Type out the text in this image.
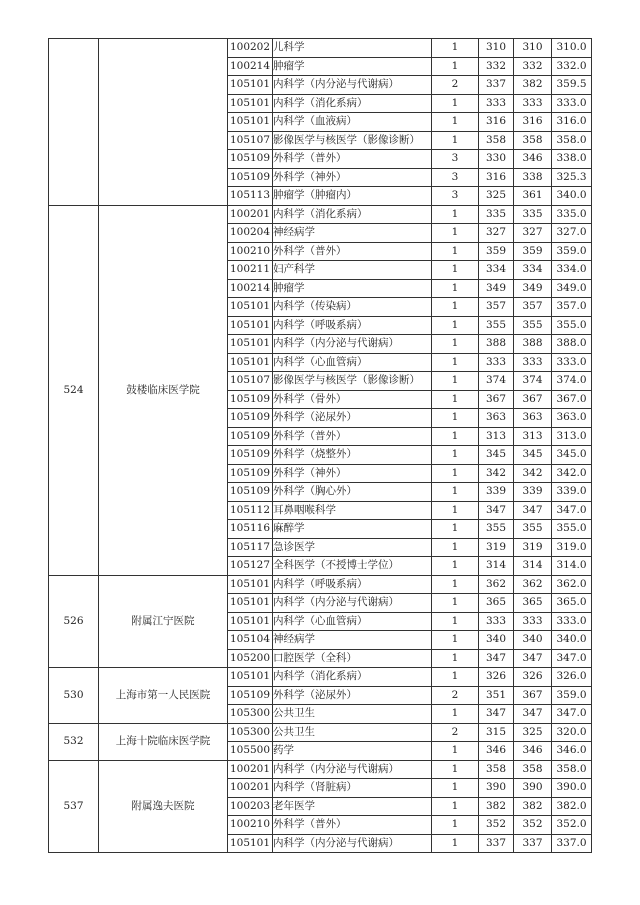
		100202	儿科学	1	310	310	310.0
		100214	肿瘤学	1	332	332	332.0
		105101	内科学（内分泌与代谢病）	2	337	382	359.5
		105101	内科学（消化系病）	1	333	333	333.0
		105101	内科学（血液病）	1	316	316	316.0
		105107	影像医学与核医学（影像诊断）	1	358	358	358.0
		105109	外科学（普外）	3	330	346	338.0
		105109	外科学（神外）	3	316	338	325.3
		105113	肿瘤学（肿瘤内）	3	325	361	340.0
524	鼓楼临床医学院	100201	内科学（消化系病）	1	335	335	335.0
		100204	神经病学	1	327	327	327.0
		100210	外科学（普外）	1	359	359	359.0
		100211	妇产科学	1	334	334	334.0
		100214	肿瘤学	1	349	349	349.0
		105101	内科学（传染病）	1	357	357	357.0
		105101	内科学（呼吸系病）	1	355	355	355.0
		105101	内科学（内分泌与代谢病）	1	388	388	388.0
		105101	内科学（心血管病）	1	333	333	333.0
		105107	影像医学与核医学（影像诊断）	1	374	374	374.0
		105109	外科学（骨外）	1	367	367	367.0
		105109	外科学（泌尿外）	1	363	363	363.0
		105109	外科学（普外）	1	313	313	313.0
		105109	外科学（烧整外）	1	345	345	345.0
		105109	外科学（神外）	1	342	342	342.0
		105109	外科学（胸心外）	1	339	339	339.0
		105112	耳鼻咽喉科学	1	347	347	347.0
		105116	麻醉学	1	355	355	355.0
		105117	急诊医学	1	319	319	319.0
		105127	全科医学（不授博士学位）	1	314	314	314.0
526	附属江宁医院	105101	内科学（呼吸系病）	1	362	362	362.0
		105101	内科学（内分泌与代谢病）	1	365	365	365.0
		105101	内科学（心血管病）	1	333	333	333.0
		105104	神经病学	1	340	340	340.0
		105200	口腔医学（全科）	1	347	347	347.0
530	上海市第一人民医院	105101	内科学（消化系病）	1	326	326	326.0
		105109	外科学（泌尿外）	2	351	367	359.0
		105300	公共卫生	1	347	347	347.0
532	上海十院临床医学院	105300	公共卫生	2	315	325	320.0
		105500	药学	1	346	346	346.0
537	附属逸夫医院	100201	内科学（内分泌与代谢病）	1	358	358	358.0
		100201	内科学（肾脏病）	1	390	390	390.0
		100203	老年医学	1	382	382	382.0
		100210	外科学（普外）	1	352	352	352.0
		105101	内科学（内分泌与代谢病）	1	337	337	337.0
